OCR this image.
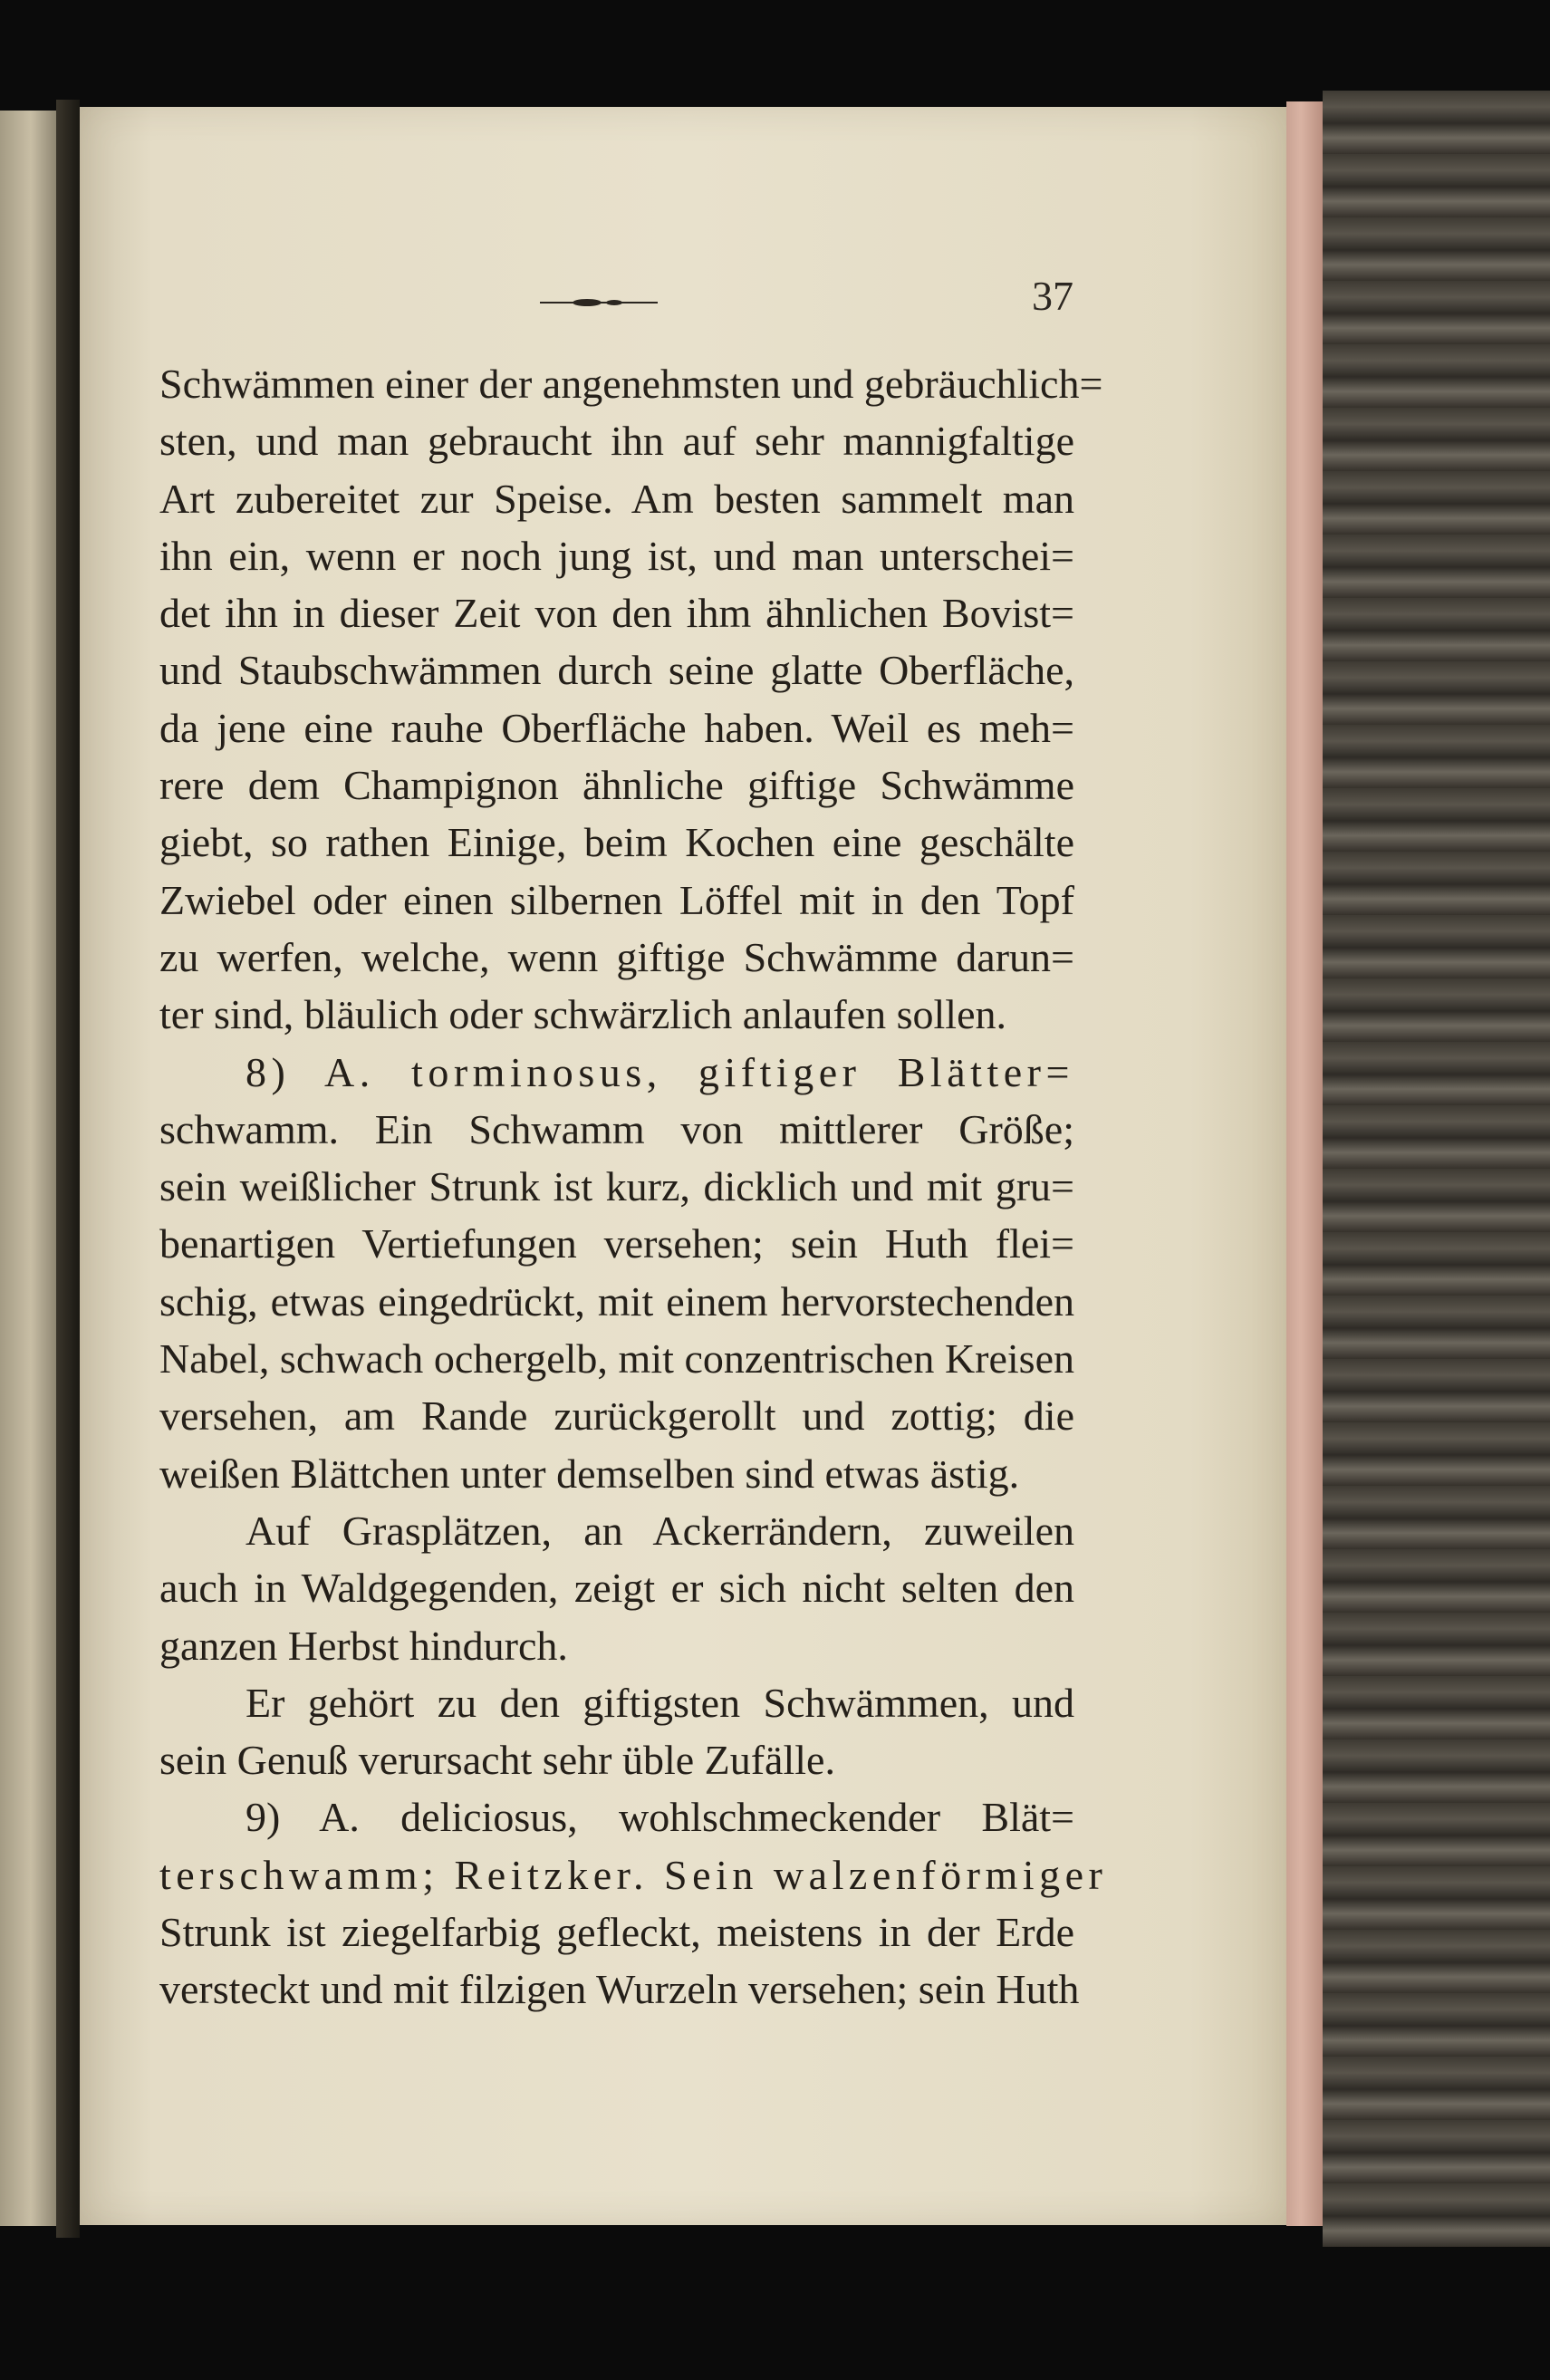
37
Schwämmen einer der angenehmsten und gebräuchlich=
sten, und man gebraucht ihn auf sehr mannigfaltige
Art zubereitet zur Speise. Am besten sammelt man
ihn ein, wenn er noch jung ist, und man unterschei=
det ihn in dieser Zeit von den ihm ähnlichen Bovist=
und Staubschwämmen durch seine glatte Oberfläche,
da jene eine rauhe Oberfläche haben. Weil es meh=
rere dem Champignon ähnliche giftige Schwämme
giebt, so rathen Einige, beim Kochen eine geschälte
Zwiebel oder einen silbernen Löffel mit in den Topf
zu werfen, welche, wenn giftige Schwämme darun=
ter sind, bläulich oder schwärzlich anlaufen sollen.
8) A. torminosus, giftiger Blätter=
schwamm. Ein Schwamm von mittlerer Größe;
sein weißlicher Strunk ist kurz, dicklich und mit gru=
benartigen Vertiefungen versehen; sein Huth flei=
schig, etwas eingedrückt, mit einem hervorstechenden
Nabel, schwach ochergelb, mit conzentrischen Kreisen
versehen, am Rande zurückgerollt und zottig; die
weißen Blättchen unter demselben sind etwas ästig.
Auf Grasplätzen, an Ackerrändern, zuweilen
auch in Waldgegenden, zeigt er sich nicht selten den
ganzen Herbst hindurch.
Er gehört zu den giftigsten Schwämmen, und
sein Genuß verursacht sehr üble Zufälle.
9) A. deliciosus, wohlschmeckender Blät=
terschwamm; Reitzker. Sein walzenförmiger
Strunk ist ziegelfarbig gefleckt, meistens in der Erde
versteckt und mit filzigen Wurzeln versehen; sein Huth
